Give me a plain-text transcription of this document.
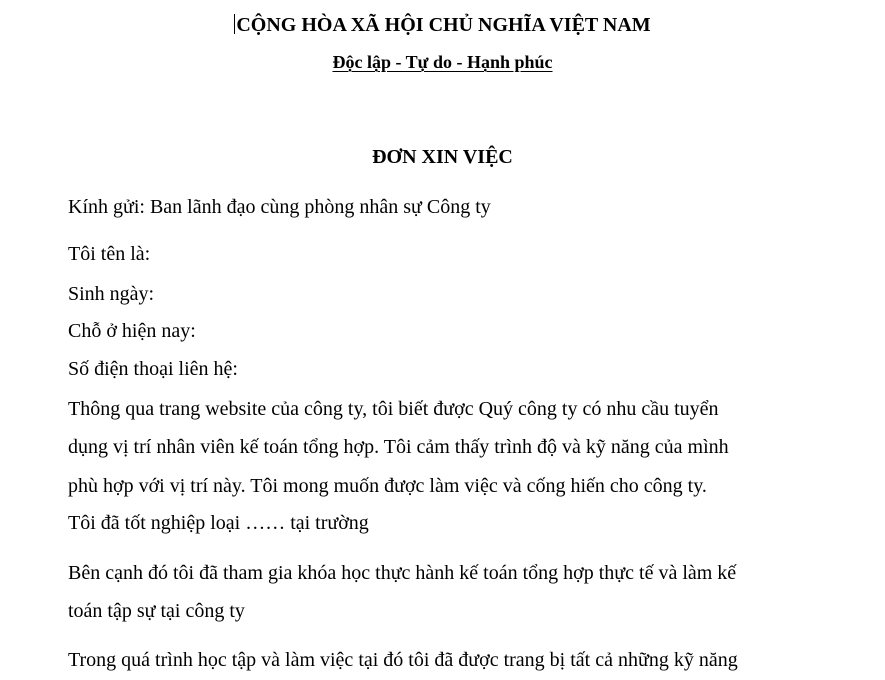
CỘNG HÒA XÃ HỘI CHỦ NGHĨA VIỆT NAM
Độc lập - Tự do - Hạnh phúc
ĐƠN XIN VIỆC
Kính gửi: Ban lãnh đạo cùng phòng nhân sự Công ty
Tôi tên là:
Sinh ngày:
Chỗ ở hiện nay:
Số điện thoại liên hệ:
Thông qua trang website của công ty, tôi biết được Quý công ty có nhu cầu tuyển
dụng vị trí nhân viên kế toán tổng hợp. Tôi cảm thấy trình độ và kỹ năng của mình
phù hợp với vị trí này. Tôi mong muốn được làm việc và cống hiến cho công ty.
Tôi đã tốt nghiệp loại …… tại trường
Bên cạnh đó tôi đã tham gia khóa học thực hành kế toán tổng hợp thực tế và làm kế
toán tập sự tại công ty
Trong quá trình học tập và làm việc tại đó tôi đã được trang bị tất cả những kỹ năng
